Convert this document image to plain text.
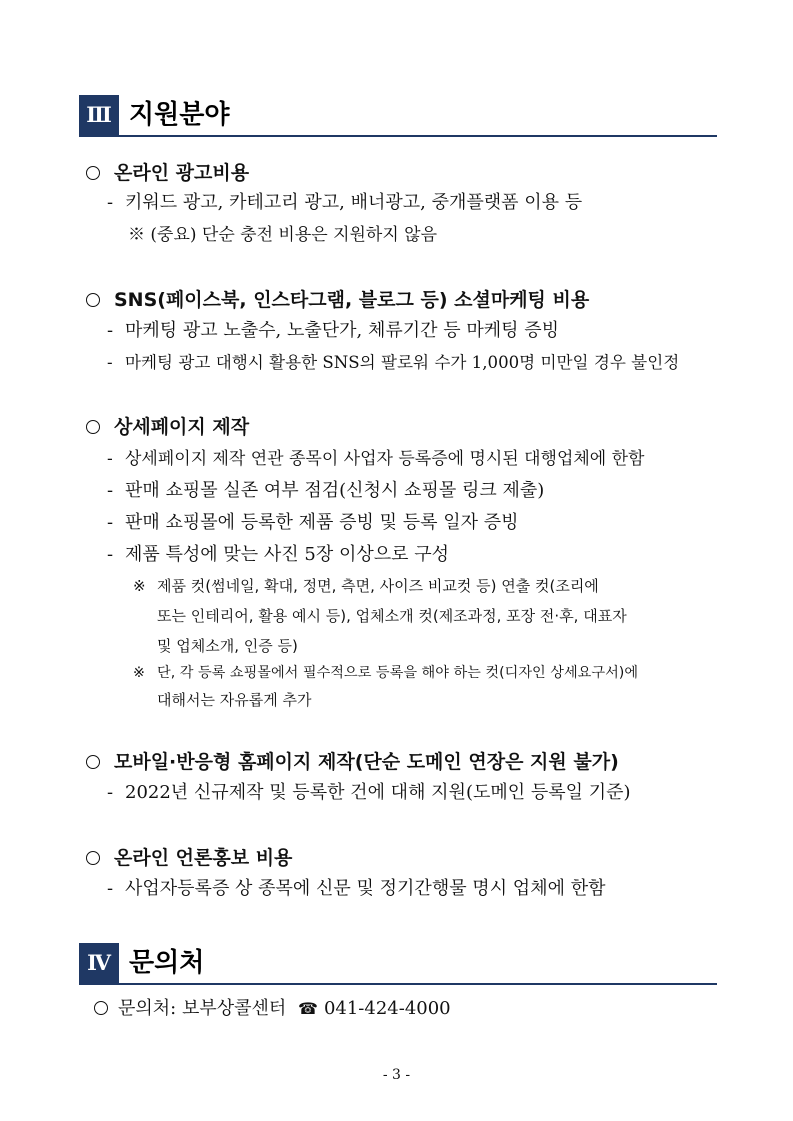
Ⅲ 지원분야
온라인 광고비용
- 키워드 광고, 카테고리 광고, 배너광고, 중개플랫폼 이용 등
※ (중요) 단순 충전 비용은 지원하지 않음
SNS(페이스북, 인스타그램, 블로그 등) 소셜마케팅 비용
- 마케팅 광고 노출수, 노출단가, 체류기간 등 마케팅 증빙
- 마케팅 광고 대행시 활용한 SNS의 팔로워 수가 1,000명 미만일 경우 불인정
상세페이지 제작
- 상세페이지 제작 연관 종목이 사업자 등록증에 명시된 대행업체에 한함
- 판매 쇼핑몰 실존 여부 점검(신청시 쇼핑몰 링크 제출)
- 판매 쇼핑몰에 등록한 제품 증빙 및 등록 일자 증빙
- 제품 특성에 맞는 사진 5장 이상으로 구성
※ 제품 컷(썸네일, 확대, 정면, 측면, 사이즈 비교컷 등) 연출 컷(조리에
또는 인테리어, 활용 예시 등), 업체소개 컷(제조과정, 포장 전·후, 대표자
및 업체소개, 인증 등)
※ 단, 각 등록 쇼핑몰에서 필수적으로 등록을 해야 하는 컷(디자인 상세요구서)에
대해서는 자유롭게 추가
모바일·반응형 홈페이지 제작(단순 도메인 연장은 지원 불가)
- 2022년 신규제작 및 등록한 건에 대해 지원(도메인 등록일 기준)
온라인 언론홍보 비용
- 사업자등록증 상 종목에 신문 및 정기간행물 명시 업체에 한함
Ⅳ 문의처
문의처: 보부상콜센터 ☎ 041-424-4000
- 3 -
